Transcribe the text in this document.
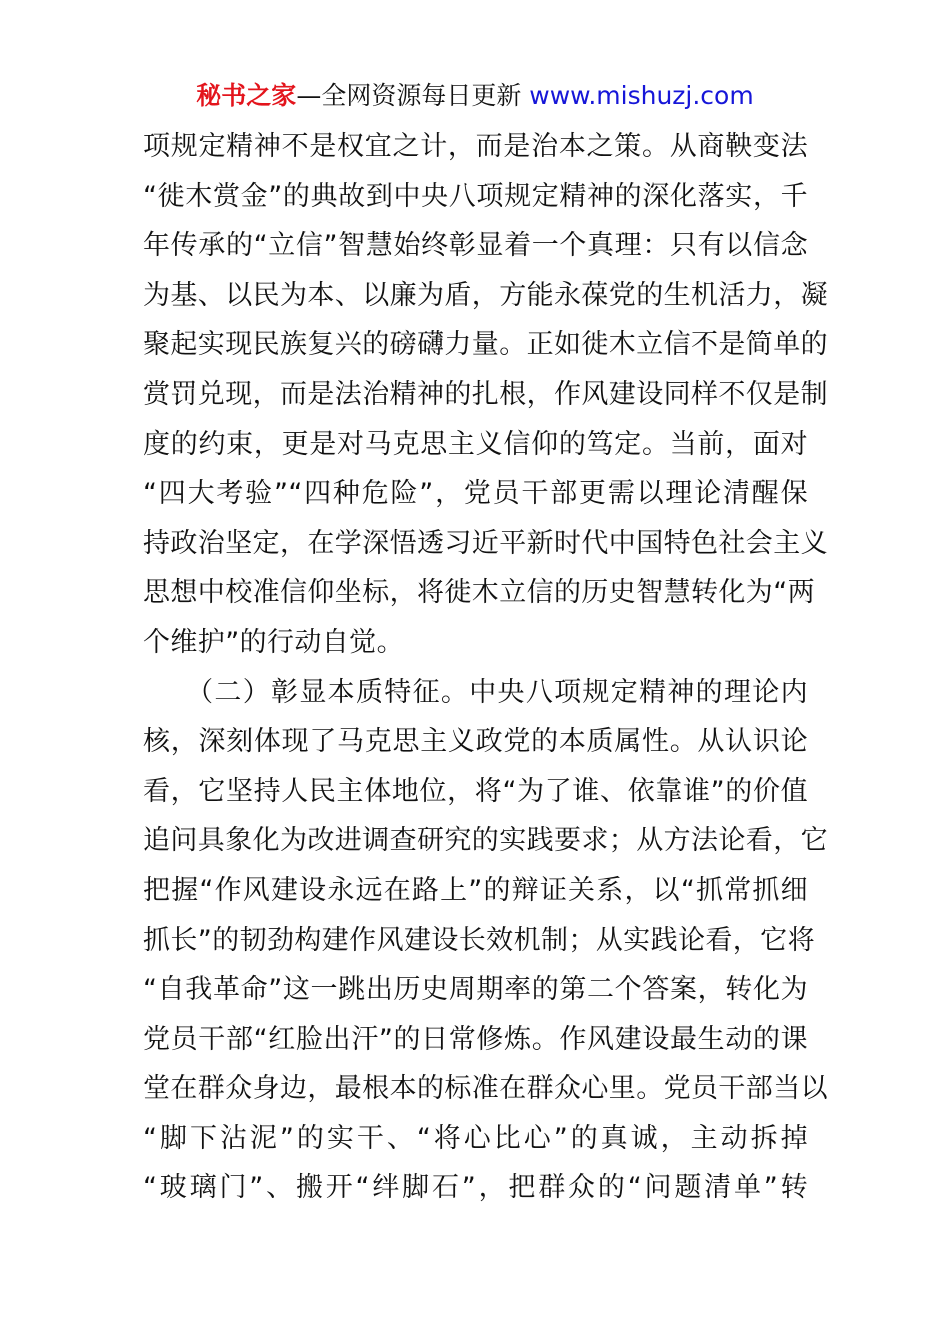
秘书之家—全网资源每日更新 www.mishuzj.com
项规定精神不是权宜之计，而是治本之策。从商鞅变法
“徙木赏金”的典故到中央八项规定精神的深化落实，千
年传承的“立信”智慧始终彰显着一个真理：只有以信念
为基、以民为本、以廉为盾，方能永葆党的生机活力，凝
聚起实现民族复兴的磅礴力量。正如徙木立信不是简单的
赏罚兑现，而是法治精神的扎根，作风建设同样不仅是制
度的约束，更是对马克思主义信仰的笃定。当前，面对
“四大考验”“四种危险”，党员干部更需以理论清醒保
持政治坚定，在学深悟透习近平新时代中国特色社会主义
思想中校准信仰坐标，将徙木立信的历史智慧转化为“两
个维护”的行动自觉。
　　（二）彰显本质特征。中央八项规定精神的理论内
核，深刻体现了马克思主义政党的本质属性。从认识论
看，它坚持人民主体地位，将“为了谁、依靠谁”的价值
追问具象化为改进调查研究的实践要求；从方法论看，它
把握“作风建设永远在路上”的辩证关系，以“抓常抓细
抓长”的韧劲构建作风建设长效机制；从实践论看，它将
“自我革命”这一跳出历史周期率的第二个答案，转化为
党员干部“红脸出汗”的日常修炼。作风建设最生动的课
堂在群众身边，最根本的标准在群众心里。党员干部当以
“脚下沾泥”的实干、“将心比心”的真诚，主动拆掉
“玻璃门”、搬开“绊脚石”，把群众的“问题清单”转
